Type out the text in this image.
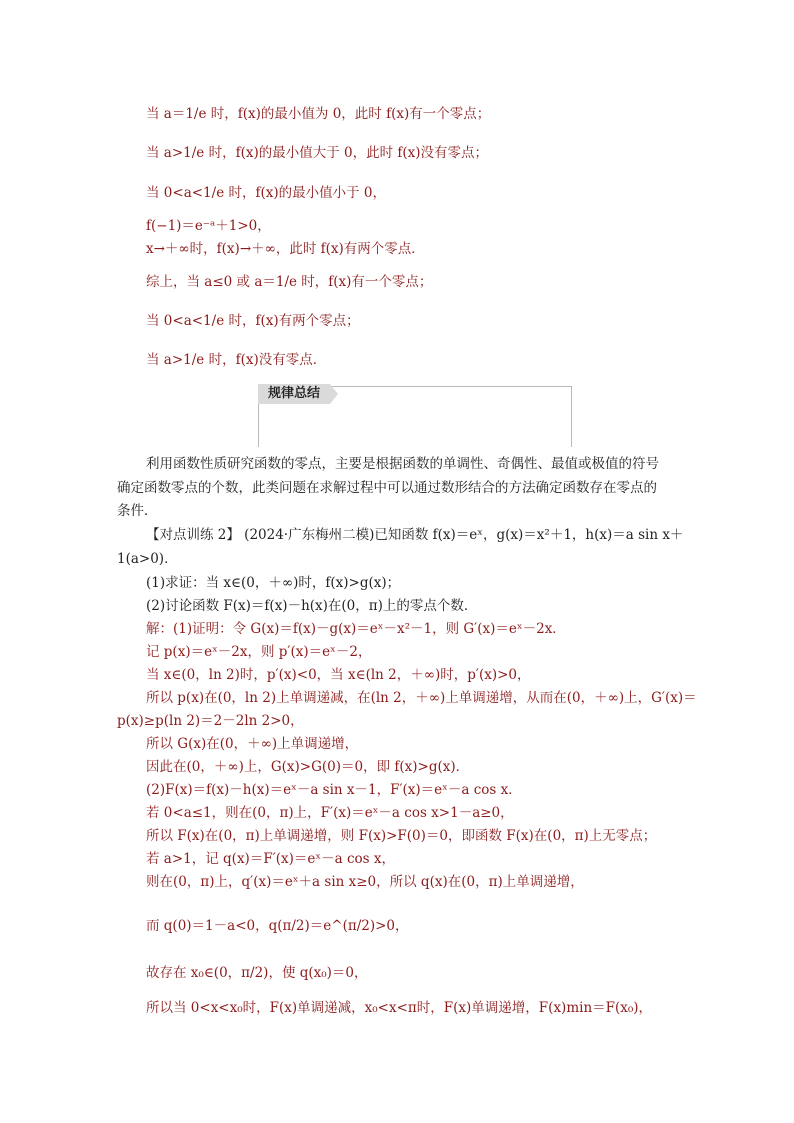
当 a＝1/e 时，f(x)的最小值为 0，此时 f(x)有一个零点；
当 a>1/e 时，f(x)的最小值大于 0，此时 f(x)没有零点；
当 0<a<1/e 时，f(x)的最小值小于 0，
f(−1)＝e⁻ᵃ＋1>0，
x→＋∞时，f(x)→＋∞，此时 f(x)有两个零点．
综上，当 a≤0 或 a＝1/e 时，f(x)有一个零点；
当 0<a<1/e 时，f(x)有两个零点；
当 a>1/e 时，f(x)没有零点．
规律总结
利用函数性质研究函数的零点，主要是根据函数的单调性、奇偶性、最值或极值的符号
确定函数零点的个数，此类问题在求解过程中可以通过数形结合的方法确定函数存在零点的
条件．
【对点训练 2】 (2024·广东梅州二模)已知函数 f(x)＝eˣ，g(x)＝x²＋1，h(x)＝a sin x＋
1(a>0)．
(1)求证：当 x∈(0，＋∞)时，f(x)>g(x)；
(2)讨论函数 F(x)＝f(x)－h(x)在(0，π)上的零点个数．
解：(1)证明：令 G(x)＝f(x)－g(x)＝eˣ－x²－1，则 G′(x)＝eˣ－2x．
记 p(x)＝eˣ－2x，则 p′(x)＝eˣ－2，
当 x∈(0，ln 2)时，p′(x)<0，当 x∈(ln 2，＋∞)时，p′(x)>0，
所以 p(x)在(0，ln 2)上单调递减，在(ln 2，＋∞)上单调递增，从而在(0，＋∞)上，G′(x)＝
p(x)≥p(ln 2)＝2－2ln 2>0，
所以 G(x)在(0，＋∞)上单调递增，
因此在(0，＋∞)上，G(x)>G(0)＝0，即 f(x)>g(x)．
(2)F(x)＝f(x)－h(x)＝eˣ－a sin x－1，F′(x)＝eˣ－a cos x．
若 0<a≤1，则在(0，π)上，F′(x)＝eˣ－a cos x>1－a≥0，
所以 F(x)在(0，π)上单调递增，则 F(x)>F(0)＝0，即函数 F(x)在(0，π)上无零点；
若 a>1，记 q(x)＝F′(x)＝eˣ－a cos x，
则在(0，π)上，q′(x)＝eˣ＋a sin x≥0，所以 q(x)在(0，π)上单调递增，
而 q(0)＝1－a<0，q(π/2)＝e^(π/2)>0，
故存在 x₀∈(0，π/2)，使 q(x₀)＝0，
所以当 0<x<x₀时，F(x)单调递减，x₀<x<π时，F(x)单调递增，F(x)min＝F(x₀)，
